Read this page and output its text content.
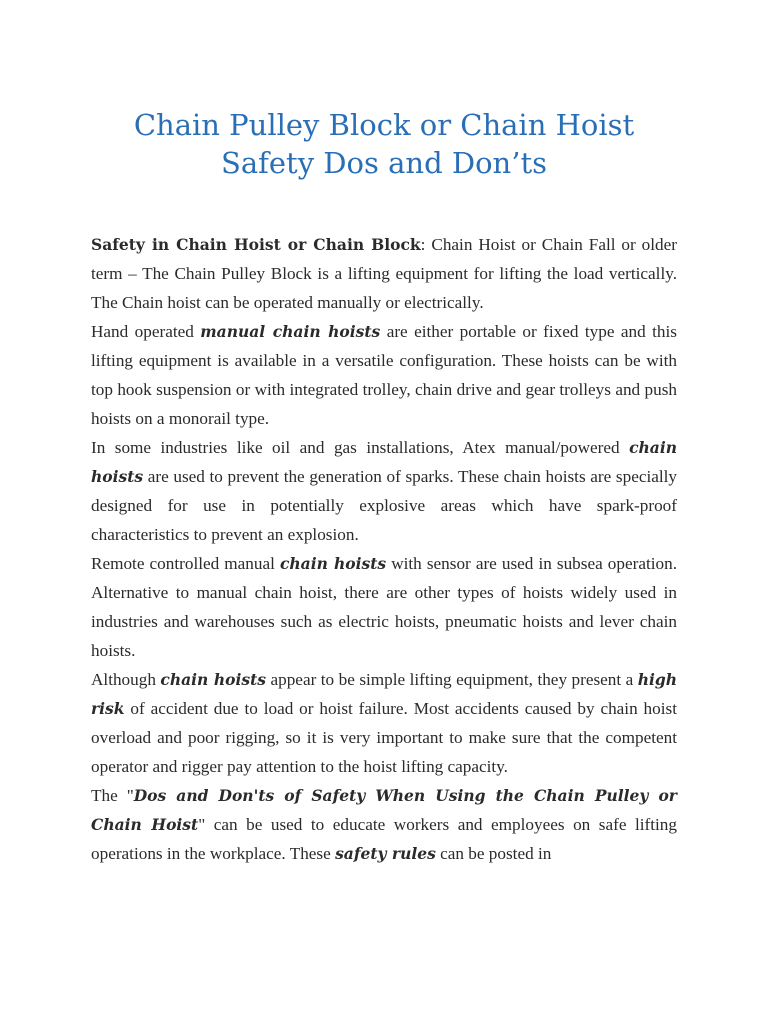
Chain Pulley Block or Chain Hoist
Safety Dos and Don’ts

Safety in Chain Hoist or Chain Block: Chain Hoist or Chain Fall or older term – The Chain Pulley Block is a lifting equipment for lifting the load vertically. The Chain hoist can be operated manually or electrically.

Hand operated manual chain hoists are either portable or fixed type and this lifting equipment is available in a versatile configuration. These hoists can be with top hook suspension or with integrated trolley, chain drive and gear trolleys and push hoists on a monorail type.

In some industries like oil and gas installations, Atex manual/powered chain hoists are used to prevent the generation of sparks. These chain hoists are specially designed for use in potentially explosive areas which have spark-proof characteristics to prevent an explosion.

Remote controlled manual chain hoists with sensor are used in subsea operation. Alternative to manual chain hoist, there are other types of hoists widely used in industries and warehouses such as electric hoists, pneumatic hoists and lever chain hoists.

Although chain hoists appear to be simple lifting equipment, they present a high risk of accident due to load or hoist failure. Most accidents caused by chain hoist overload and poor rigging, so it is very important to make sure that the competent operator and rigger pay attention to the hoist lifting capacity.

The "Dos and Don'ts of Safety When Using the Chain Pulley or Chain Hoist" can be used to educate workers and employees on safe lifting operations in the workplace. These safety rules can be posted in
